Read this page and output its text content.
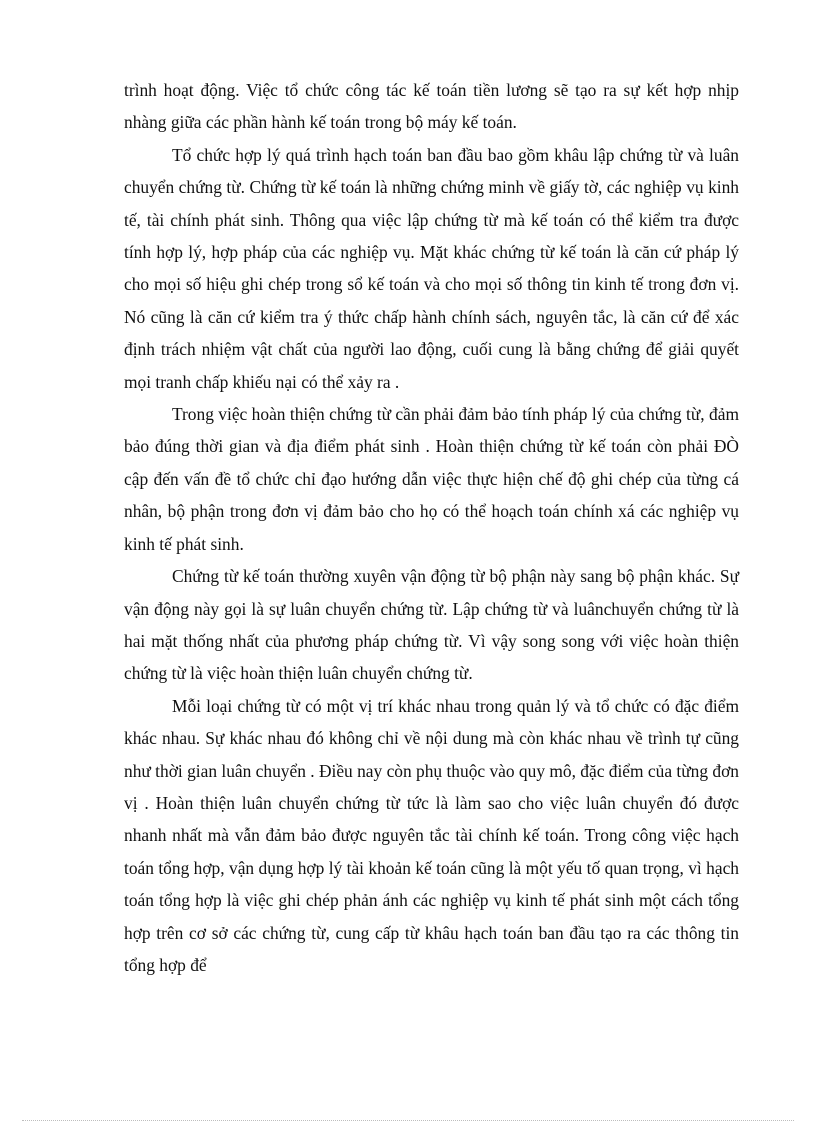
trình hoạt động. Việc tổ chức công tác kế toán tiền lương sẽ tạo ra sự kết hợp nhịp nhàng giữa các phần hành kế toán trong bộ máy kế toán.

Tổ chức hợp lý quá trình hạch toán ban đầu bao gồm khâu lập chứng từ và luân chuyển chứng từ. Chứng từ kế toán là những chứng minh về giấy tờ, các nghiệp vụ kinh tế, tài chính phát sinh. Thông qua việc lập chứng từ mà kế toán có thể kiểm tra được tính hợp lý, hợp pháp của các nghiệp vụ. Mặt khác chứng từ kế toán là căn cứ pháp lý cho mọi số hiệu ghi chép trong sổ kế toán và cho mọi số thông tin kinh tế trong đơn vị. Nó cũng là căn cứ kiểm tra ý thức chấp hành chính sách, nguyên tắc, là căn cứ để xác định trách nhiệm vật chất của người lao động, cuối cung là bằng chứng để giải quyết mọi tranh chấp khiếu nại có thể xảy ra .

Trong việc hoàn thiện chứng từ cần phải đảm bảo tính pháp lý của chứng từ, đảm bảo đúng thời gian và địa điểm phát sinh . Hoàn thiện chứng từ kế toán còn phải ĐÒ cập đến vấn đề tổ chức chỉ đạo hướng dẫn việc thực hiện chế độ ghi chép của từng cá nhân, bộ phận trong đơn vị đảm bảo cho họ có thể hoạch toán chính xá các nghiệp vụ kinh tế phát sinh.

Chứng từ kế toán thường xuyên vận động từ bộ phận này sang bộ phận khác. Sự vận động này gọi là sự luân chuyển chứng từ. Lập chứng từ và luânchuyển chứng từ là hai mặt thống nhất của phương pháp chứng từ. Vì vậy song song với việc hoàn thiện chứng từ là việc hoàn thiện luân chuyển chứng từ.

Mỗi loại chứng từ có một vị trí khác nhau trong quản lý và tổ chức có đặc điểm khác nhau. Sự khác nhau đó không chỉ về nội dung mà còn khác nhau về trình tự cũng như thời gian luân chuyển . Điều nay còn phụ thuộc vào quy mô, đặc điểm của từng đơn vị . Hoàn thiện luân chuyển chứng từ tức là làm sao cho việc luân chuyển đó được nhanh nhất mà vẫn đảm bảo được nguyên tắc tài chính kế toán. Trong công việc hạch toán tổng hợp, vận dụng hợp lý tài khoản kế toán cũng là một yếu tố quan trọng, vì hạch toán tổng hợp là việc ghi chép phản ánh các nghiệp vụ kinh tế phát sinh một cách tổng hợp trên cơ sở các chứng từ, cung cấp từ khâu hạch toán ban đầu tạo ra các thông tin tổng hợp để
